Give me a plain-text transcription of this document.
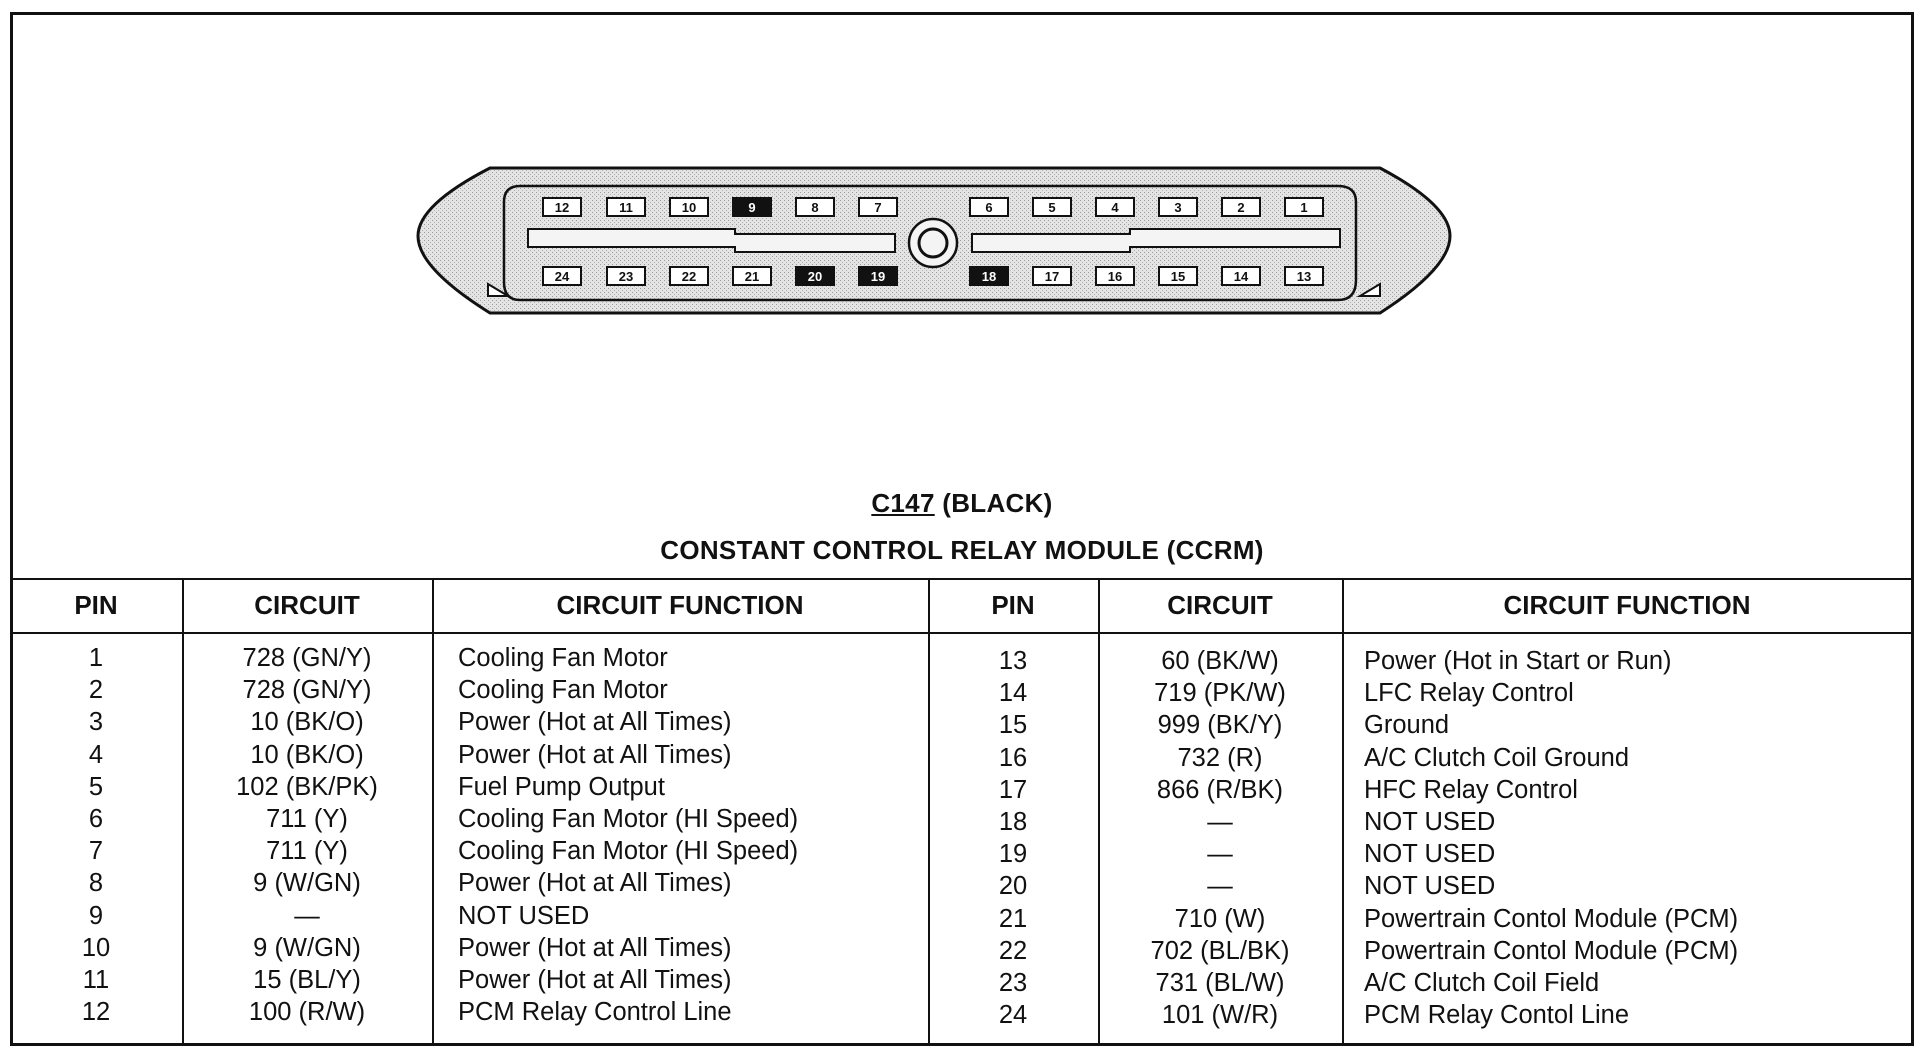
12	11	10	9	8	7	6	5	4	3	2	1
24	23	22	21	20	19	18	17	16	15	14	13
C147 (BLACK)
CONSTANT CONTROL RELAY MODULE (CCRM)
PIN	CIRCUIT	CIRCUIT FUNCTION	PIN	CIRCUIT	CIRCUIT FUNCTION
1	728 (GN/Y)	Cooling Fan Motor
2	728 (GN/Y)	Cooling Fan Motor
3	10 (BK/O)	Power (Hot at All Times)
4	10 (BK/O)	Power (Hot at All Times)
5	102 (BK/PK)	Fuel Pump Output
6	711 (Y)	Cooling Fan Motor (HI Speed)
7	711 (Y)	Cooling Fan Motor (HI Speed)
8	9 (W/GN)	Power (Hot at All Times)
9	—	NOT USED
10	9 (W/GN)	Power (Hot at All Times)
11	15 (BL/Y)	Power (Hot at All Times)
12	100 (R/W)	PCM Relay Control Line
13	60 (BK/W)	Power (Hot in Start or Run)
14	719 (PK/W)	LFC Relay Control
15	999 (BK/Y)	Ground
16	732 (R)	A/C Clutch Coil Ground
17	866 (R/BK)	HFC Relay Control
18	—	NOT USED
19	—	NOT USED
20	—	NOT USED
21	710 (W)	Powertrain Contol Module (PCM)
22	702 (BL/BK)	Powertrain Contol Module (PCM)
23	731 (BL/W)	A/C Clutch Coil Field
24	101 (W/R)	PCM Relay Contol Line
